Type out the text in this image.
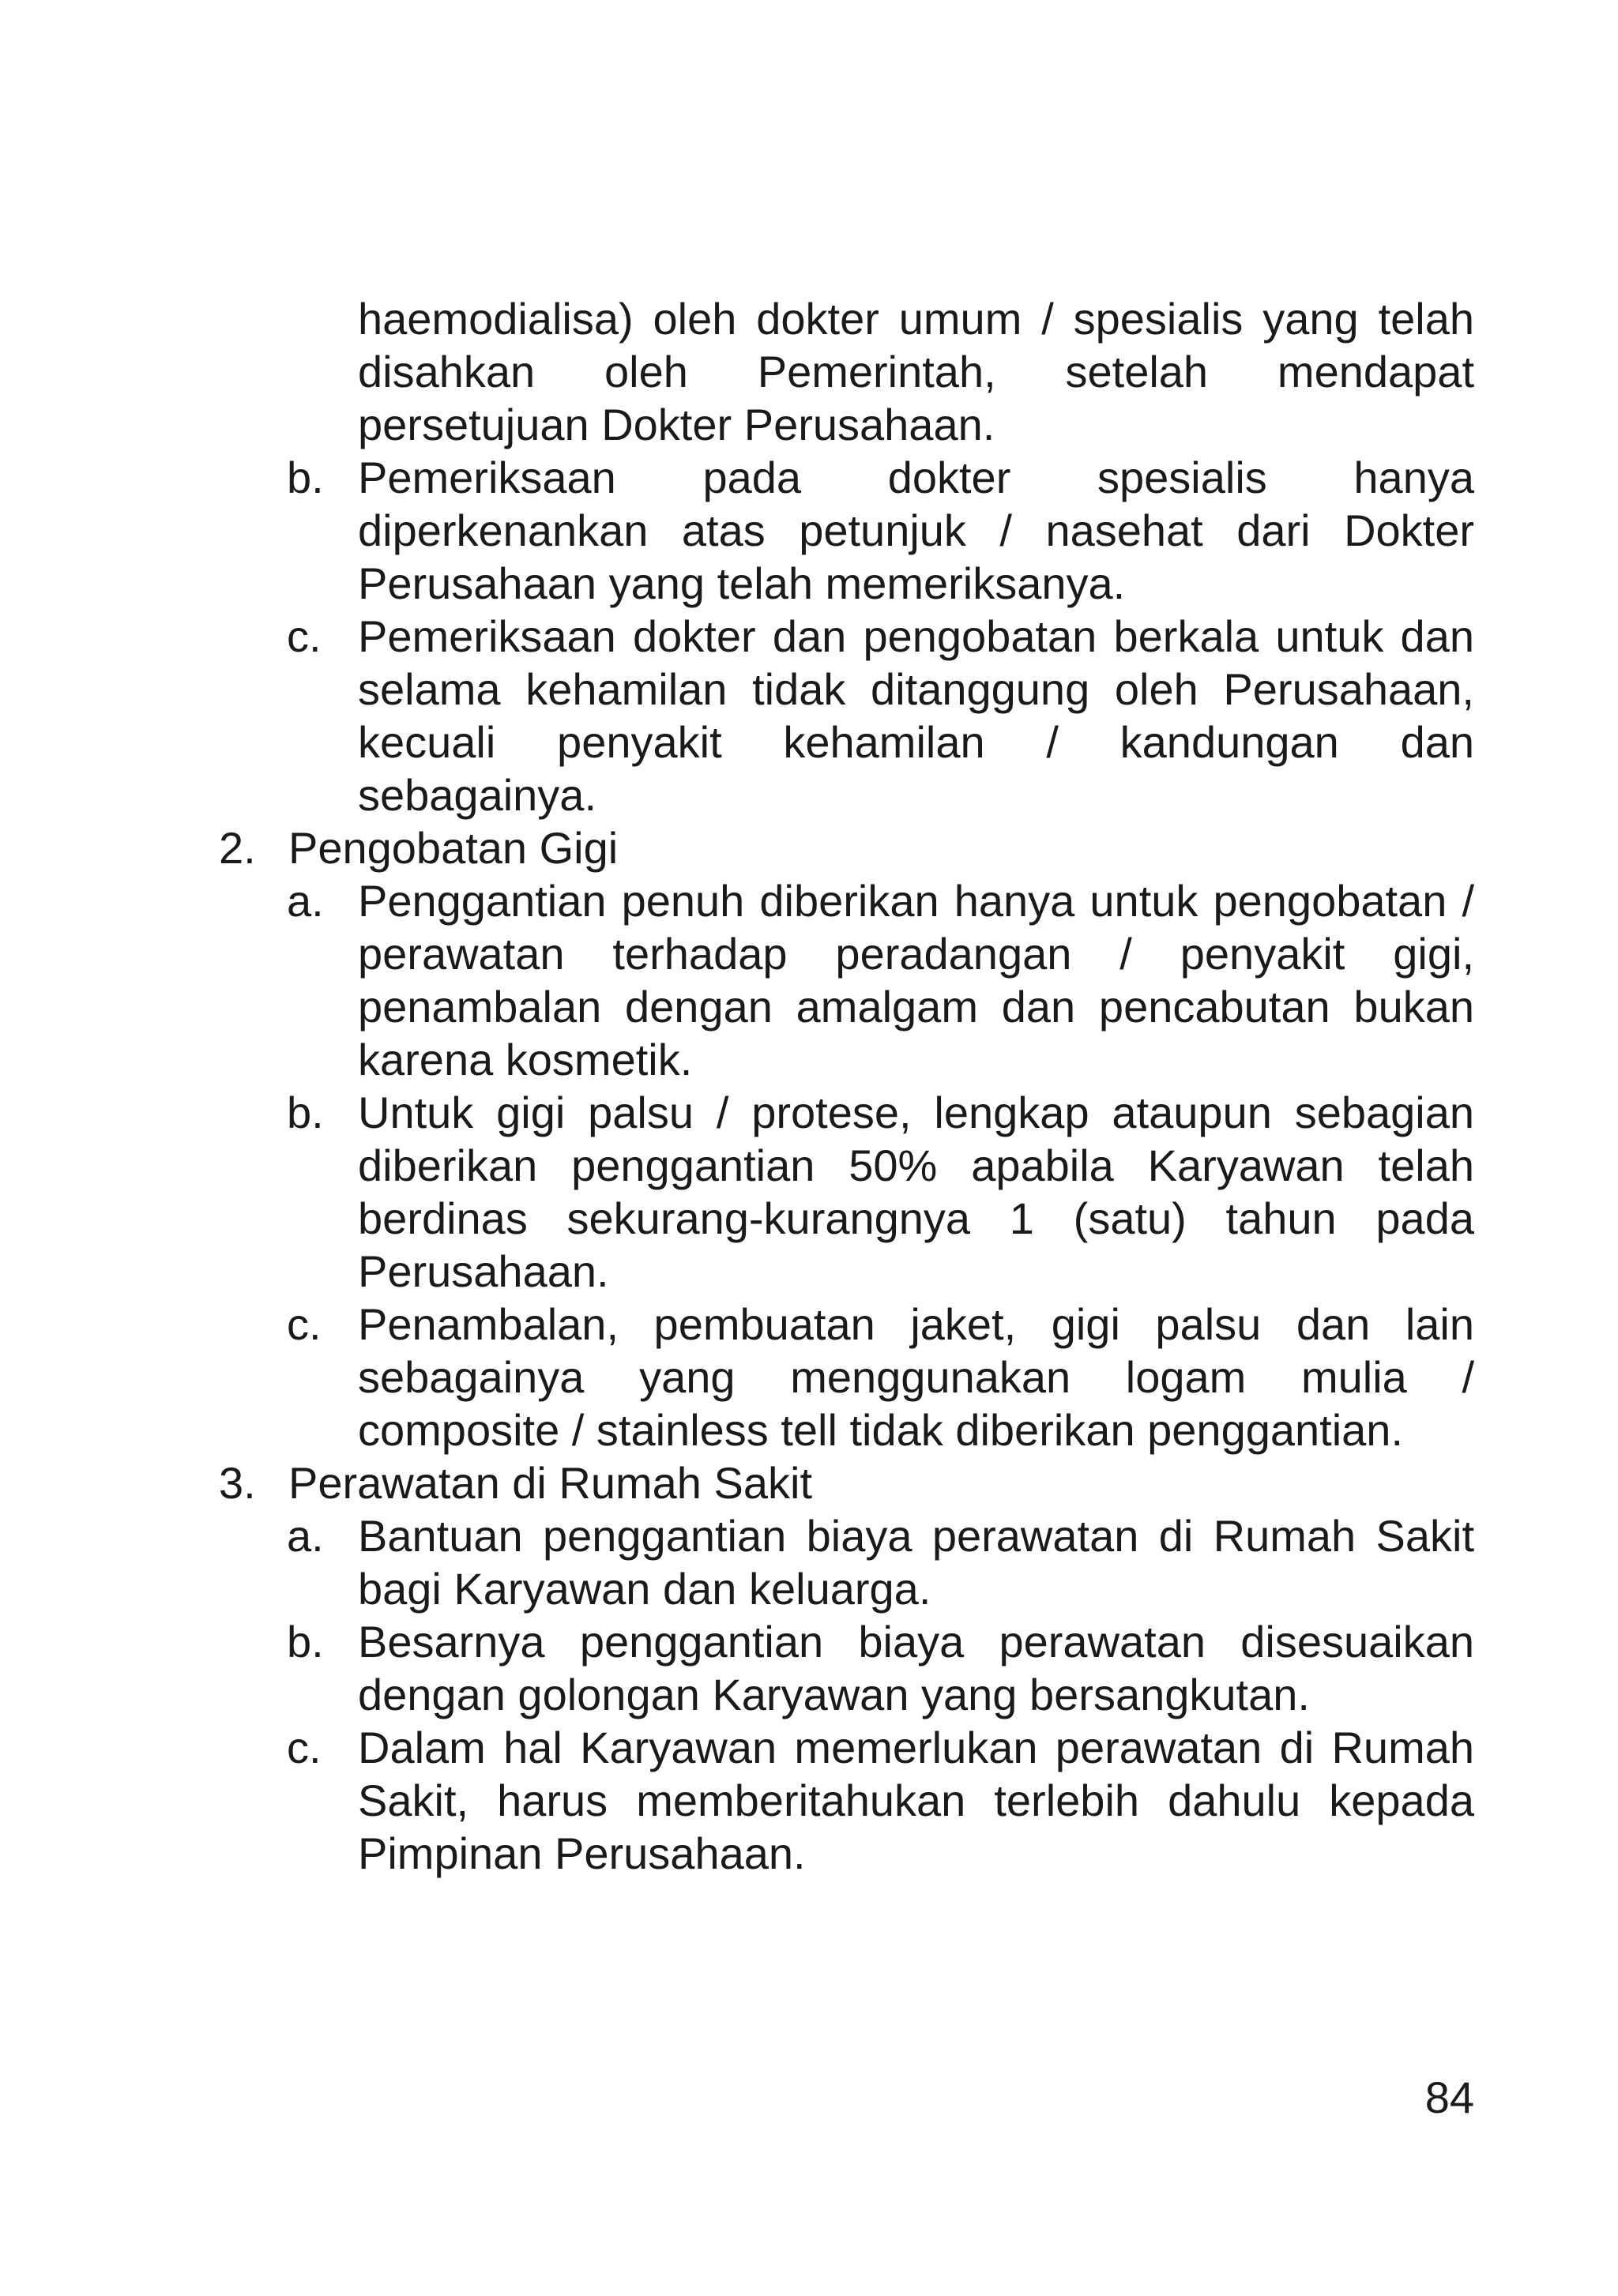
haemodialisa) oleh dokter umum / spesialis yang telah disahkan oleh Pemerintah, setelah mendapat persetujuan Dokter Perusahaan.

b. Pemeriksaan pada dokter spesialis hanya diperkenankan atas petunjuk / nasehat dari Dokter Perusahaan yang telah memeriksanya.

c. Pemeriksaan dokter dan pengobatan berkala untuk dan selama kehamilan tidak ditanggung oleh Perusahaan, kecuali penyakit kehamilan / kandungan dan sebagainya.

2. Pengobatan Gigi

a. Penggantian penuh diberikan hanya untuk pengobatan / perawatan terhadap peradangan / penyakit gigi, penambalan dengan amalgam dan pencabutan bukan karena kosmetik.

b. Untuk gigi palsu / protese, lengkap ataupun sebagian diberikan penggantian 50% apabila Karyawan telah berdinas sekurang-kurangnya 1 (satu) tahun pada Perusahaan.

c. Penambalan, pembuatan jaket, gigi palsu dan lain sebagainya yang menggunakan logam mulia / composite / stainless tell tidak diberikan penggantian.

3. Perawatan di Rumah Sakit

a. Bantuan penggantian biaya perawatan di Rumah Sakit bagi Karyawan dan keluarga.

b. Besarnya penggantian biaya perawatan disesuaikan dengan golongan Karyawan yang bersangkutan.

c. Dalam hal Karyawan memerlukan perawatan di Rumah Sakit, harus memberitahukan terlebih dahulu kepada Pimpinan Perusahaan.

84
